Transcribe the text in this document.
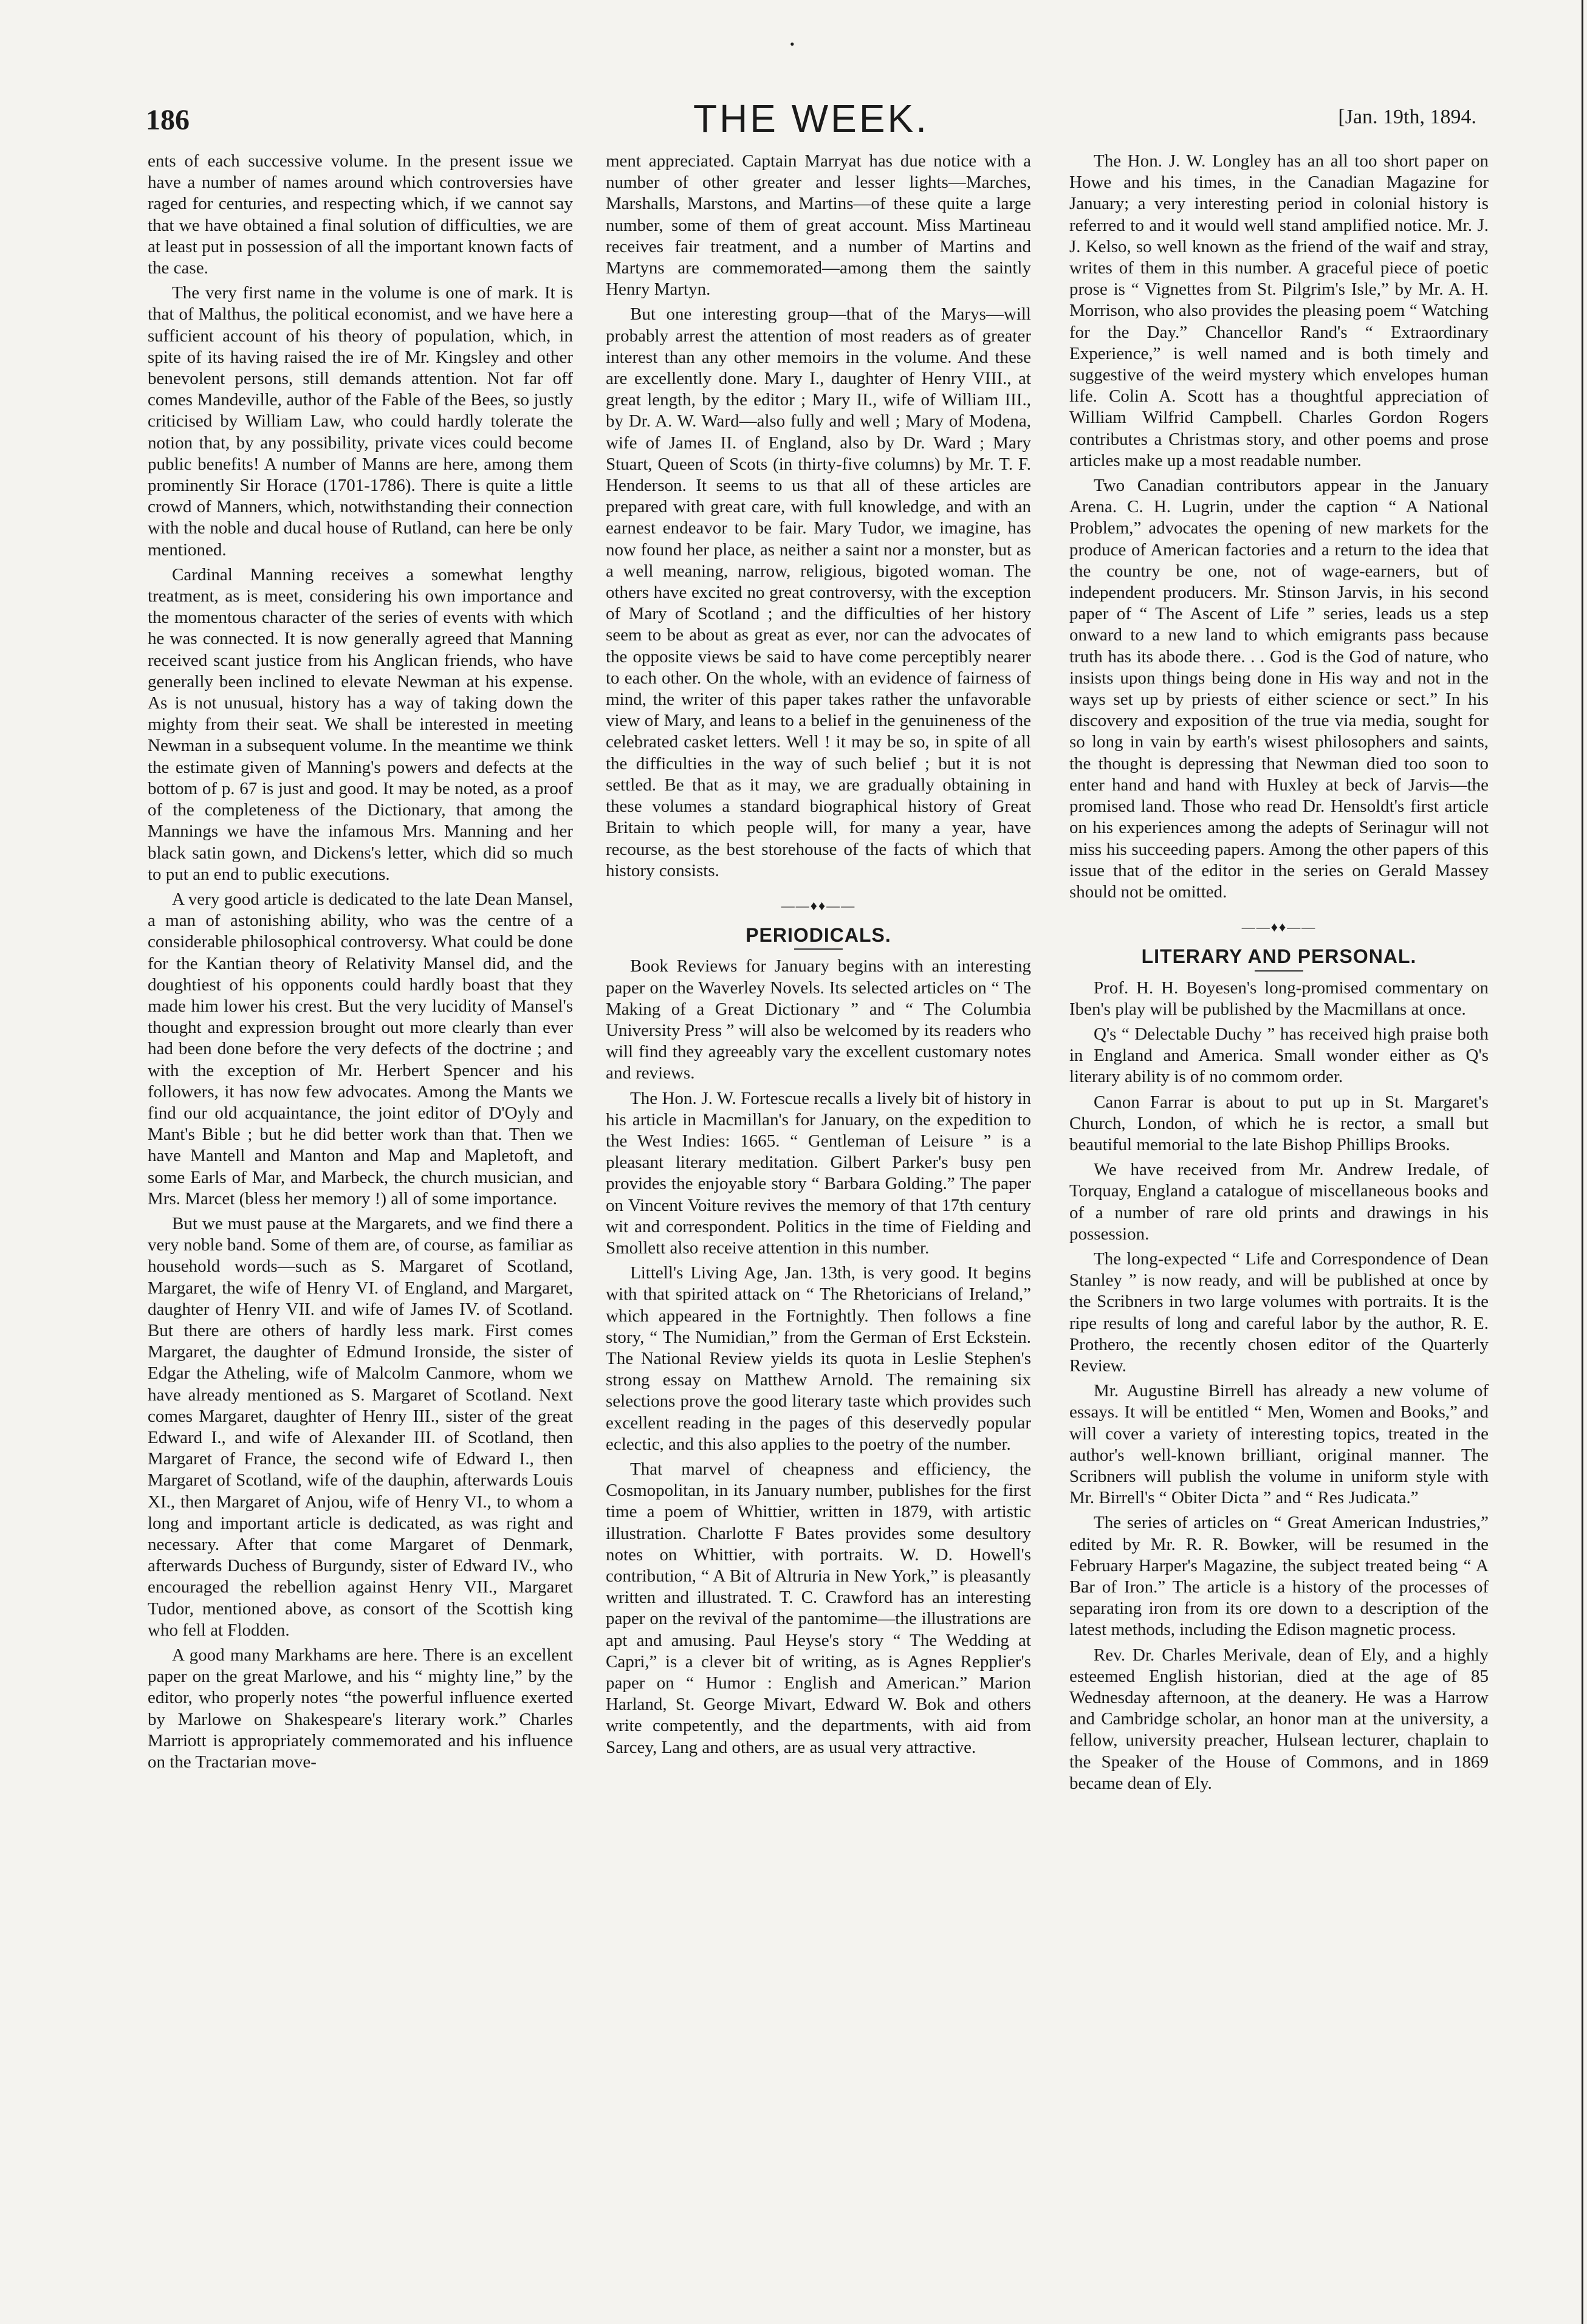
•
186	THE WEEK.	[Jan. 19th, 1894.

ents of each successive volume. In the present issue we have a number of names around which controversies have raged for centuries, and respecting which, if we cannot say that we have obtained a final solution of difficulties, we are at least put in possession of all the important known facts of the case.

The very first name in the volume is one of mark. It is that of Malthus, the political economist, and we have here a sufficient account of his theory of population, which, in spite of its having raised the ire of Mr. Kingsley and other benevolent persons, still demands attention. Not far off comes Mandeville, author of the Fable of the Bees, so justly criticised by William Law, who could hardly tolerate the notion that, by any possibility, private vices could become public benefits! A number of Manns are here, among them prominently Sir Horace (1701-1786). There is quite a little crowd of Manners, which, notwithstanding their connection with the noble and ducal house of Rutland, can here be only mentioned.

Cardinal Manning receives a somewhat lengthy treatment, as is meet, considering his own importance and the momentous character of the series of events with which he was connected. It is now generally agreed that Manning received scant justice from his Anglican friends, who have generally been inclined to elevate Newman at his expense. As is not unusual, history has a way of taking down the mighty from their seat. We shall be interested in meeting Newman in a subsequent volume. In the meantime we think the estimate given of Manning's powers and defects at the bottom of p. 67 is just and good. It may be noted, as a proof of the completeness of the Dictionary, that among the Mannings we have the infamous Mrs. Manning and her black satin gown, and Dickens's letter, which did so much to put an end to public executions.

A very good article is dedicated to the late Dean Mansel, a man of astonishing ability, who was the centre of a considerable philosophical controversy. What could be done for the Kantian theory of Relativity Mansel did, and the doughtiest of his opponents could hardly boast that they made him lower his crest. But the very lucidity of Mansel's thought and expression brought out more clearly than ever had been done before the very defects of the doctrine ; and with the exception of Mr. Herbert Spencer and his followers, it has now few advocates. Among the Mants we find our old acquaintance, the joint editor of D'Oyly and Mant's Bible ; but he did better work than that. Then we have Mantell and Manton and Map and Mapletoft, and some Earls of Mar, and Marbeck, the church musician, and Mrs. Marcet (bless her memory !) all of some importance.

But we must pause at the Margarets, and we find there a very noble band. Some of them are, of course, as familiar as household words—such as S. Margaret of Scotland, Margaret, the wife of Henry VI. of England, and Margaret, daughter of Henry VII. and wife of James IV. of Scotland. But there are others of hardly less mark. First comes Margaret, the daughter of Edmund Ironside, the sister of Edgar the Atheling, wife of Malcolm Canmore, whom we have already mentioned as S. Margaret of Scotland. Next comes Margaret, daughter of Henry III., sister of the great Edward I., and wife of Alexander III. of Scotland, then Margaret of France, the second wife of Edward I., then Margaret of Scotland, wife of the dauphin, afterwards Louis XI., then Margaret of Anjou, wife of Henry VI., to whom a long and important article is dedicated, as was right and necessary. After that come Margaret of Denmark, afterwards Duchess of Burgundy, sister of Edward IV., who encouraged the rebellion against Henry VII., Margaret Tudor, mentioned above, as consort of the Scottish king who fell at Flodden.

A good many Markhams are here. There is an excellent paper on the great Marlowe, and his “ mighty line,” by the editor, who properly notes “the powerful influence exerted by Marlowe on Shakespeare's literary work.” Charles Marriott is appropriately commemorated and his influence on the Tractarian move-

ment appreciated. Captain Marryat has due notice with a number of other greater and lesser lights—Marches, Marshalls, Marstons, and Martins—of these quite a large number, some of them of great account. Miss Martineau receives fair treatment, and a number of Martins and Martyns are commemorated—among them the saintly Henry Martyn.

But one interesting group—that of the Marys—will probably arrest the attention of most readers as of greater interest than any other memoirs in the volume. And these are excellently done. Mary I., daughter of Henry VIII., at great length, by the editor ; Mary II., wife of William III., by Dr. A. W. Ward—also fully and well ; Mary of Modena, wife of James II. of England, also by Dr. Ward ; Mary Stuart, Queen of Scots (in thirty-five columns) by Mr. T. F. Henderson. It seems to us that all of these articles are prepared with great care, with full knowledge, and with an earnest endeavor to be fair. Mary Tudor, we imagine, has now found her place, as neither a saint nor a monster, but as a well meaning, narrow, religious, bigoted woman. The others have excited no great controversy, with the exception of Mary of Scotland ; and the difficulties of her history seem to be about as great as ever, nor can the advocates of the opposite views be said to have come perceptibly nearer to each other. On the whole, with an evidence of fairness of mind, the writer of this paper takes rather the unfavorable view of Mary, and leans to a belief in the genuineness of the celebrated casket letters. Well ! it may be so, in spite of all the difficulties in the way of such belief ; but it is not settled. Be that as it may, we are gradually obtaining in these volumes a standard biographical history of Great Britain to which people will, for many a year, have recourse, as the best storehouse of the facts of which that history consists.

——♦♦——
PERIODICALS.

Book Reviews for January begins with an interesting paper on the Waverley Novels. Its selected articles on “ The Making of a Great Dictionary ” and “ The Columbia University Press ” will also be welcomed by its readers who will find they agreeably vary the excellent customary notes and reviews.

The Hon. J. W. Fortescue recalls a lively bit of history in his article in Macmillan's for January, on the expedition to the West Indies: 1665. “ Gentleman of Leisure ” is a pleasant literary meditation. Gilbert Parker's busy pen provides the enjoyable story “ Barbara Golding.” The paper on Vincent Voiture revives the memory of that 17th century wit and correspondent. Politics in the time of Fielding and Smollett also receive attention in this number.

Littell's Living Age, Jan. 13th, is very good. It begins with that spirited attack on “ The Rhetoricians of Ireland,” which appeared in the Fortnightly. Then follows a fine story, “ The Numidian,” from the German of Erst Eckstein. The National Review yields its quota in Leslie Stephen's strong essay on Matthew Arnold. The remaining six selections prove the good literary taste which provides such excellent reading in the pages of this deservedly popular eclectic, and this also applies to the poetry of the number.

That marvel of cheapness and efficiency, the Cosmopolitan, in its January number, publishes for the first time a poem of Whittier, written in 1879, with artistic illustration. Charlotte F Bates provides some desultory notes on Whittier, with portraits. W. D. Howell's contribution, “ A Bit of Altruria in New York,” is pleasantly written and illustrated. T. C. Crawford has an interesting paper on the revival of the pantomime—the illustrations are apt and amusing. Paul Heyse's story “ The Wedding at Capri,” is a clever bit of writing, as is Agnes Repplier's paper on “ Humor : English and American.” Marion Harland, St. George Mivart, Edward W. Bok and others write competently, and the departments, with aid from Sarcey, Lang and others, are as usual very attractive.

The Hon. J. W. Longley has an all too short paper on Howe and his times, in the Canadian Magazine for January; a very interesting period in colonial history is referred to and it would well stand amplified notice. Mr. J. J. Kelso, so well known as the friend of the waif and stray, writes of them in this number. A graceful piece of poetic prose is “ Vignettes from St. Pilgrim's Isle,” by Mr. A. H. Morrison, who also provides the pleasing poem “ Watching for the Day.” Chancellor Rand's “ Extraordinary Experience,” is well named and is both timely and suggestive of the weird mystery which envelopes human life. Colin A. Scott has a thoughtful appreciation of William Wilfrid Campbell. Charles Gordon Rogers contributes a Christmas story, and other poems and prose articles make up a most readable number.

Two Canadian contributors appear in the January Arena. C. H. Lugrin, under the caption “ A National Problem,” advocates the opening of new markets for the produce of American factories and a return to the idea that the country be one, not of wage-earners, but of independent producers. Mr. Stinson Jarvis, in his second paper of “ The Ascent of Life ” series, leads us a step onward to a new land to which emigrants pass because truth has its abode there. . . God is the God of nature, who insists upon things being done in His way and not in the ways set up by priests of either science or sect.” In his discovery and exposition of the true via media, sought for so long in vain by earth's wisest philosophers and saints, the thought is depressing that Newman died too soon to enter hand and hand with Huxley at beck of Jarvis—the promised land. Those who read Dr. Hensoldt's first article on his experiences among the adepts of Serinagur will not miss his succeeding papers. Among the other papers of this issue that of the editor in the series on Gerald Massey should not be omitted.

——♦♦——
LITERARY AND PERSONAL.

Prof. H. H. Boyesen's long-promised commentary on Iben's play will be published by the Macmillans at once.

Q's “ Delectable Duchy ” has received high praise both in England and America. Small wonder either as Q's literary ability is of no commom order.

Canon Farrar is about to put up in St. Margaret's Church, London, of which he is rector, a small but beautiful memorial to the late Bishop Phillips Brooks.

We have received from Mr. Andrew Iredale, of Torquay, England a catalogue of miscellaneous books and of a number of rare old prints and drawings in his possession.

The long-expected “ Life and Correspondence of Dean Stanley ” is now ready, and will be published at once by the Scribners in two large volumes with portraits. It is the ripe results of long and careful labor by the author, R. E. Prothero, the recently chosen editor of the Quarterly Review.

Mr. Augustine Birrell has already a new volume of essays. It will be entitled “ Men, Women and Books,” and will cover a variety of interesting topics, treated in the author's well-known brilliant, original manner. The Scribners will publish the volume in uniform style with Mr. Birrell's “ Obiter Dicta ” and “ Res Judicata.”

The series of articles on “ Great American Industries,” edited by Mr. R. R. Bowker, will be resumed in the February Harper's Magazine, the subject treated being “ A Bar of Iron.” The article is a history of the processes of separating iron from its ore down to a description of the latest methods, including the Edison magnetic process.

Rev. Dr. Charles Merivale, dean of Ely, and a highly esteemed English historian, died at the age of 85 Wednesday afternoon, at the deanery. He was a Harrow and Cambridge scholar, an honor man at the university, a fellow, university preacher, Hulsean lecturer, chaplain to the Speaker of the House of Commons, and in 1869 became dean of Ely.
